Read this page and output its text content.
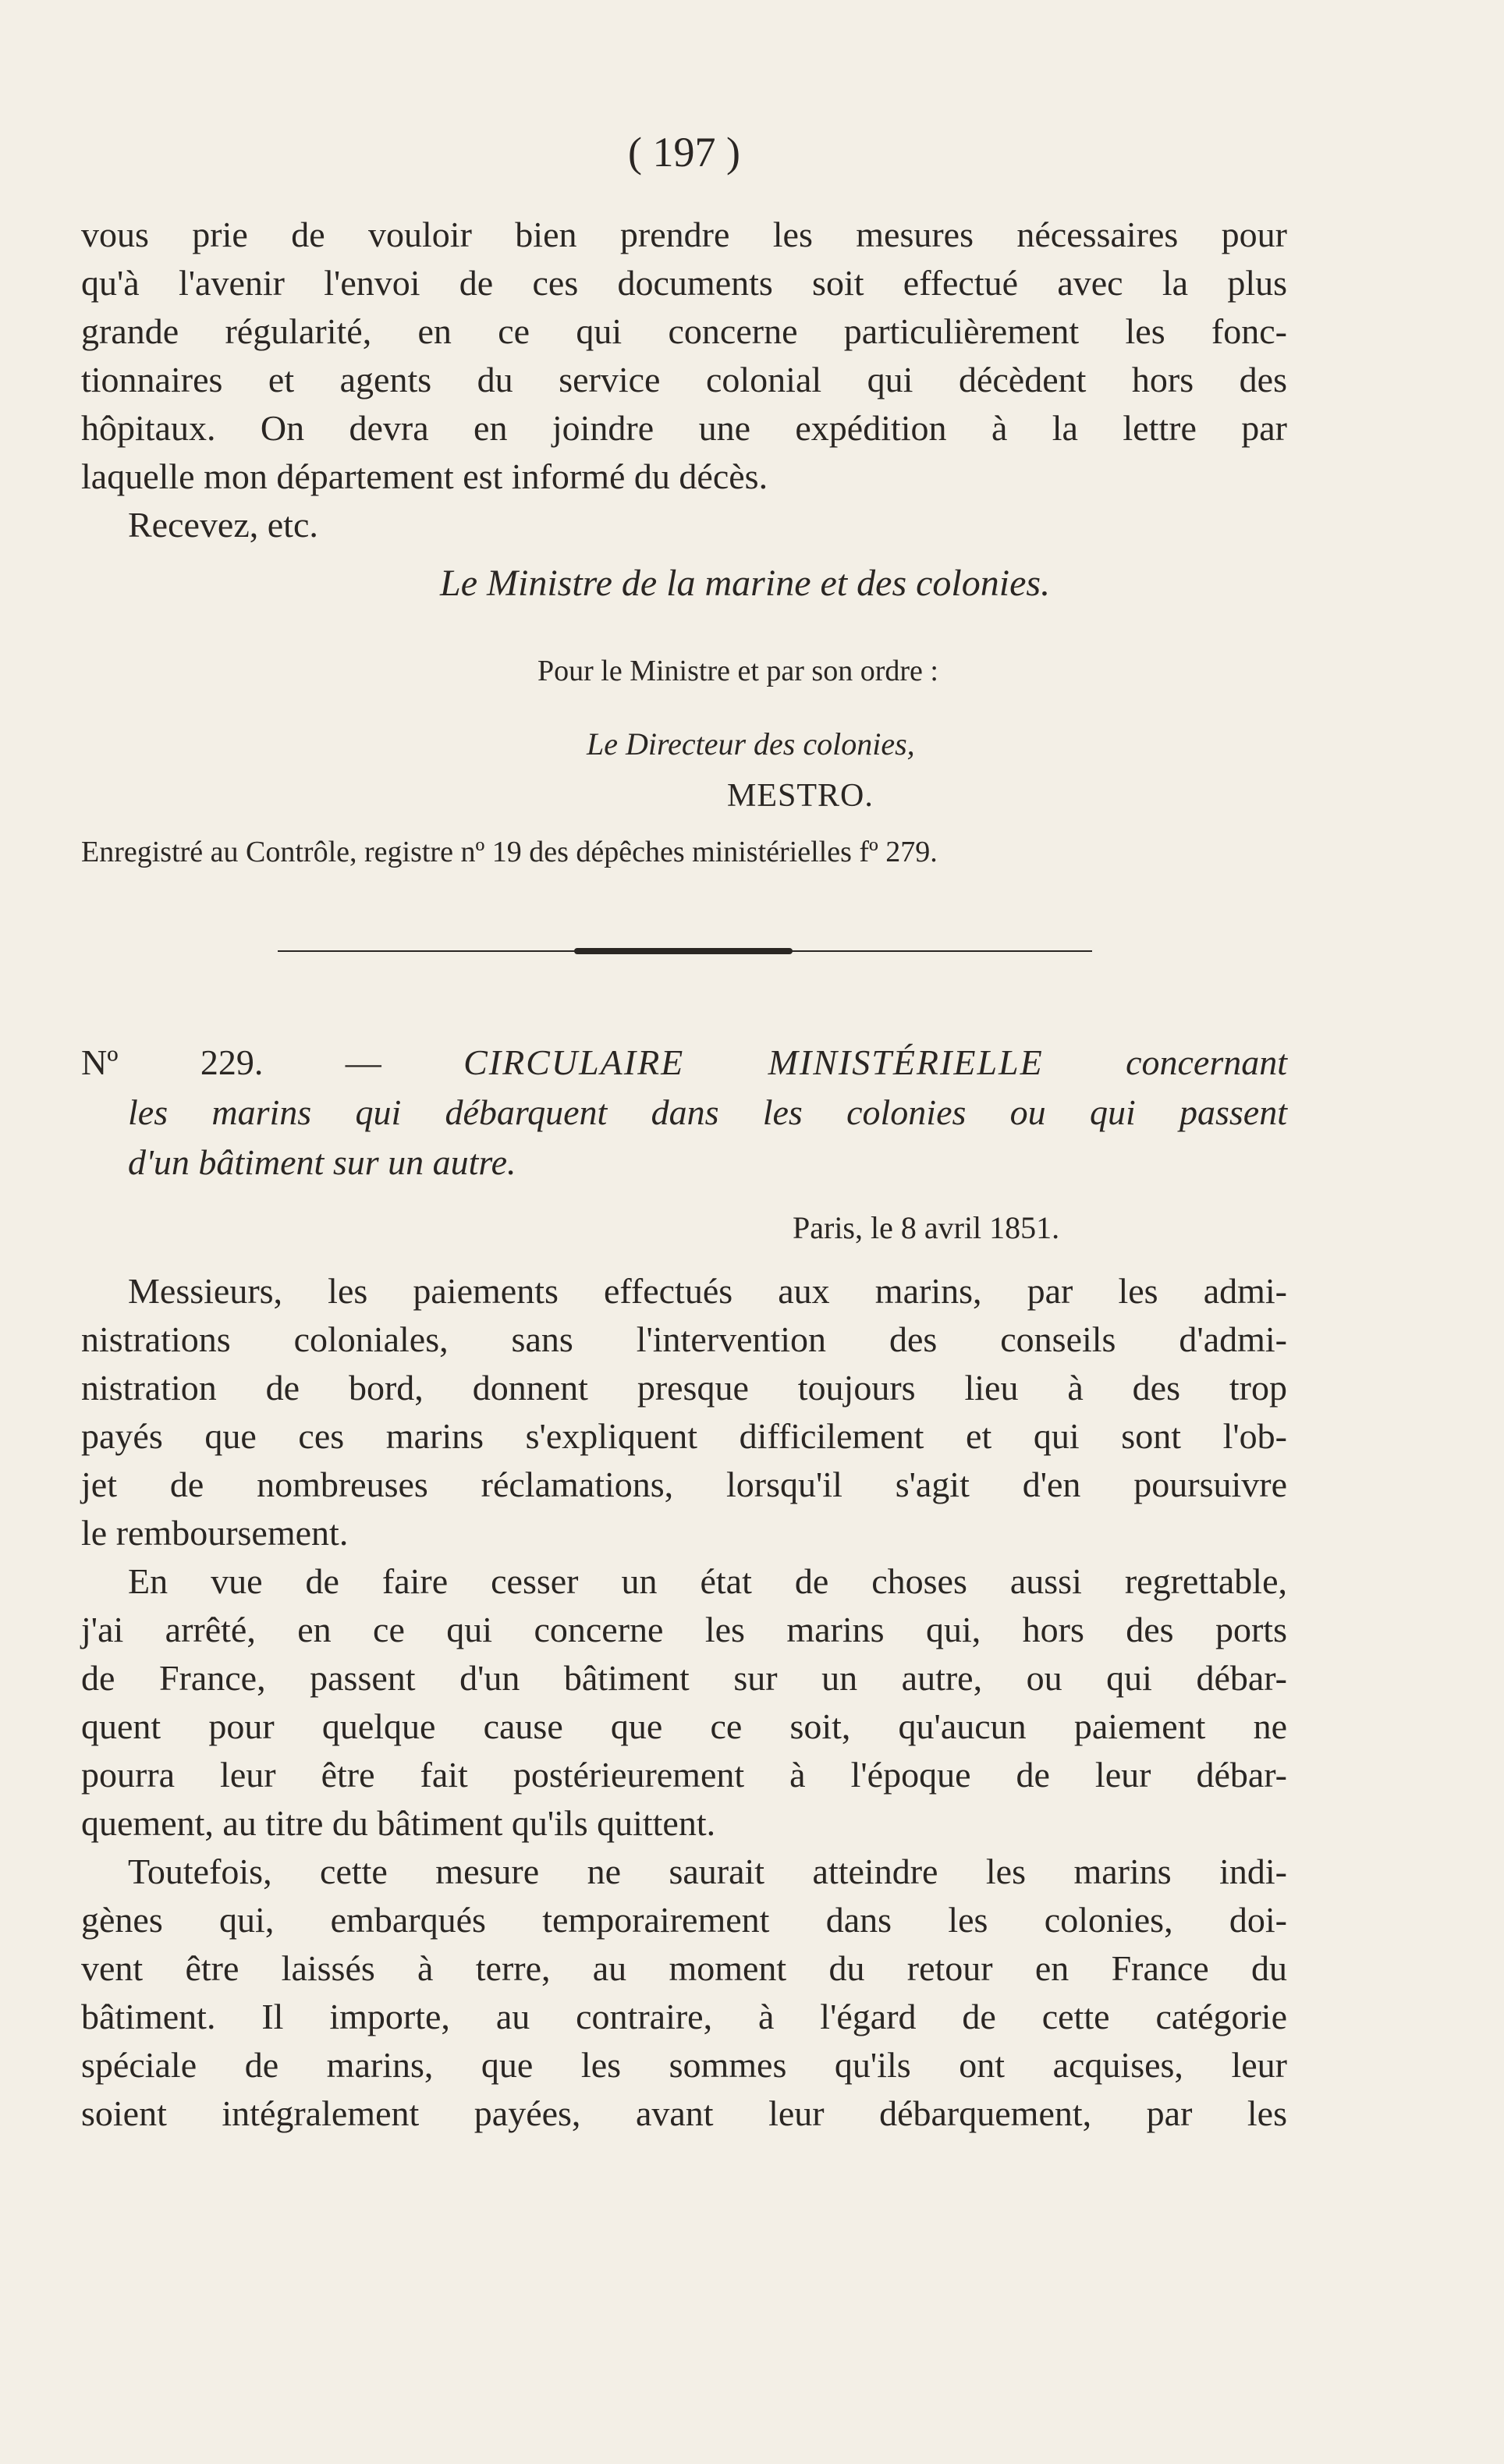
( 197 )
vous prie de vouloir bien prendre les mesures nécessaires pour
qu'à l'avenir l'envoi de ces documents soit effectué avec la plus
grande régularité, en ce qui concerne particulièrement les fonc-
tionnaires et agents du service colonial qui décèdent hors des
hôpitaux. On devra en joindre une expédition à la lettre par
laquelle mon département est informé du décès.
Recevez, etc.
Le Ministre de la marine et des colonies.
Pour le Ministre et par son ordre :
Le Directeur des colonies,
MESTRO.
Enregistré au Contrôle, registre nº 19 des dépêches ministérielles fº 279.
Nº 229. — CIRCULAIRE MINISTÉRIELLE concernant
les marins qui débarquent dans les colonies ou qui passent
d'un bâtiment sur un autre.
Paris, le 8 avril 1851.
Messieurs, les paiements effectués aux marins, par les admi-
nistrations coloniales, sans l'intervention des conseils d'admi-
nistration de bord, donnent presque toujours lieu à des trop
payés que ces marins s'expliquent difficilement et qui sont l'ob-
jet de nombreuses réclamations, lorsqu'il s'agit d'en poursuivre
le remboursement.
En vue de faire cesser un état de choses aussi regrettable,
j'ai arrêté, en ce qui concerne les marins qui, hors des ports
de France, passent d'un bâtiment sur un autre, ou qui débar-
quent pour quelque cause que ce soit, qu'aucun paiement ne
pourra leur être fait postérieurement à l'époque de leur débar-
quement, au titre du bâtiment qu'ils quittent.
Toutefois, cette mesure ne saurait atteindre les marins indi-
gènes qui, embarqués temporairement dans les colonies, doi-
vent être laissés à terre, au moment du retour en France du
bâtiment. Il importe, au contraire, à l'égard de cette catégorie
spéciale de marins, que les sommes qu'ils ont acquises, leur
soient intégralement payées, avant leur débarquement, par les
